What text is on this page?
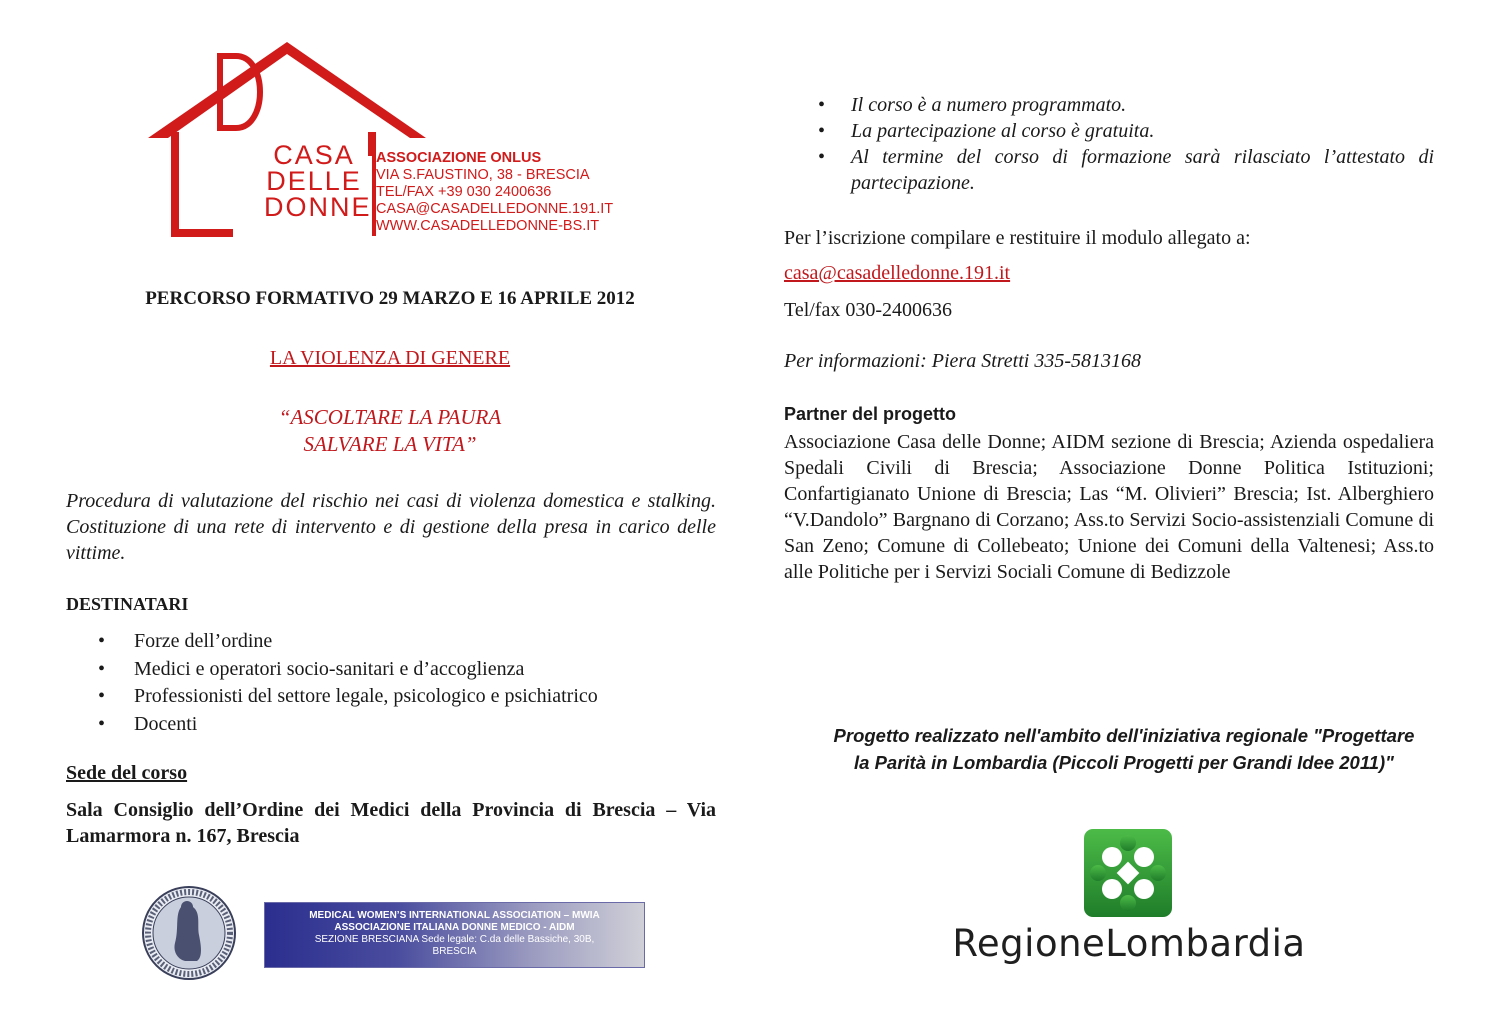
CASA
DELLE
DONNE
ASSOCIAZIONE ONLUS
VIA S.FAUSTINO, 38 - BRESCIA
TEL/FAX +39 030 2400636
CASA@CASADELLEDONNE.191.IT
WWW.CASADELLEDONNE-BS.IT
PERCORSO FORMATIVO 29 MARZO E 16 APRILE 2012
LA VIOLENZA DI GENERE
“ASCOLTARE LA PAURA
SALVARE LA VITA”
Procedura di valutazione del rischio nei casi di violenza domestica e stalking. Costituzione di una rete di intervento e di gestione della presa in carico delle vittime.
DESTINATARI
• Forze dell’ordine
• Medici e operatori socio-sanitari e d’accoglienza
• Professionisti del settore legale, psicologico e psichiatrico
• Docenti
Sede del corso
Sala Consiglio dell’Ordine dei Medici della Provincia di Brescia – Via Lamarmora n. 167, Brescia
MEDICAL WOMEN’S INTERNATIONAL ASSOCIATION – MWIA
ASSOCIAZIONE ITALIANA DONNE MEDICO - AIDM
SEZIONE BRESCIANA Sede legale: C.da delle Bassiche, 30B,
BRESCIA
•	Il corso è a numero programmato.
•	La partecipazione al corso è gratuita.
•	Al termine del corso di formazione sarà rilasciato l’attestato di partecipazione.
Per l’iscrizione compilare e restituire il modulo allegato a:
casa@casadelledonne.191.it
Tel/fax 030-2400636
Per informazioni: Piera Stretti 335-5813168
Partner del progetto
Associazione Casa delle Donne; AIDM sezione di Brescia; Azienda ospedaliera Spedali Civili di Brescia; Associazione Donne Politica Istituzioni; Confartigianato Unione di Brescia; Las “M. Olivieri” Brescia; Ist. Alberghiero “V.Dandolo” Bargnano di Corzano; Ass.to Servizi Socio-assistenziali Comune di San Zeno; Comune di Collebeato; Unione dei Comuni della Valtenesi; Ass.to alle Politiche per i Servizi Sociali Comune di Bedizzole
Progetto realizzato nell'ambito dell'iniziativa regionale "Progettare
la Parità in Lombardia (Piccoli Progetti per Grandi Idee 2011)"
RegioneLombardia
